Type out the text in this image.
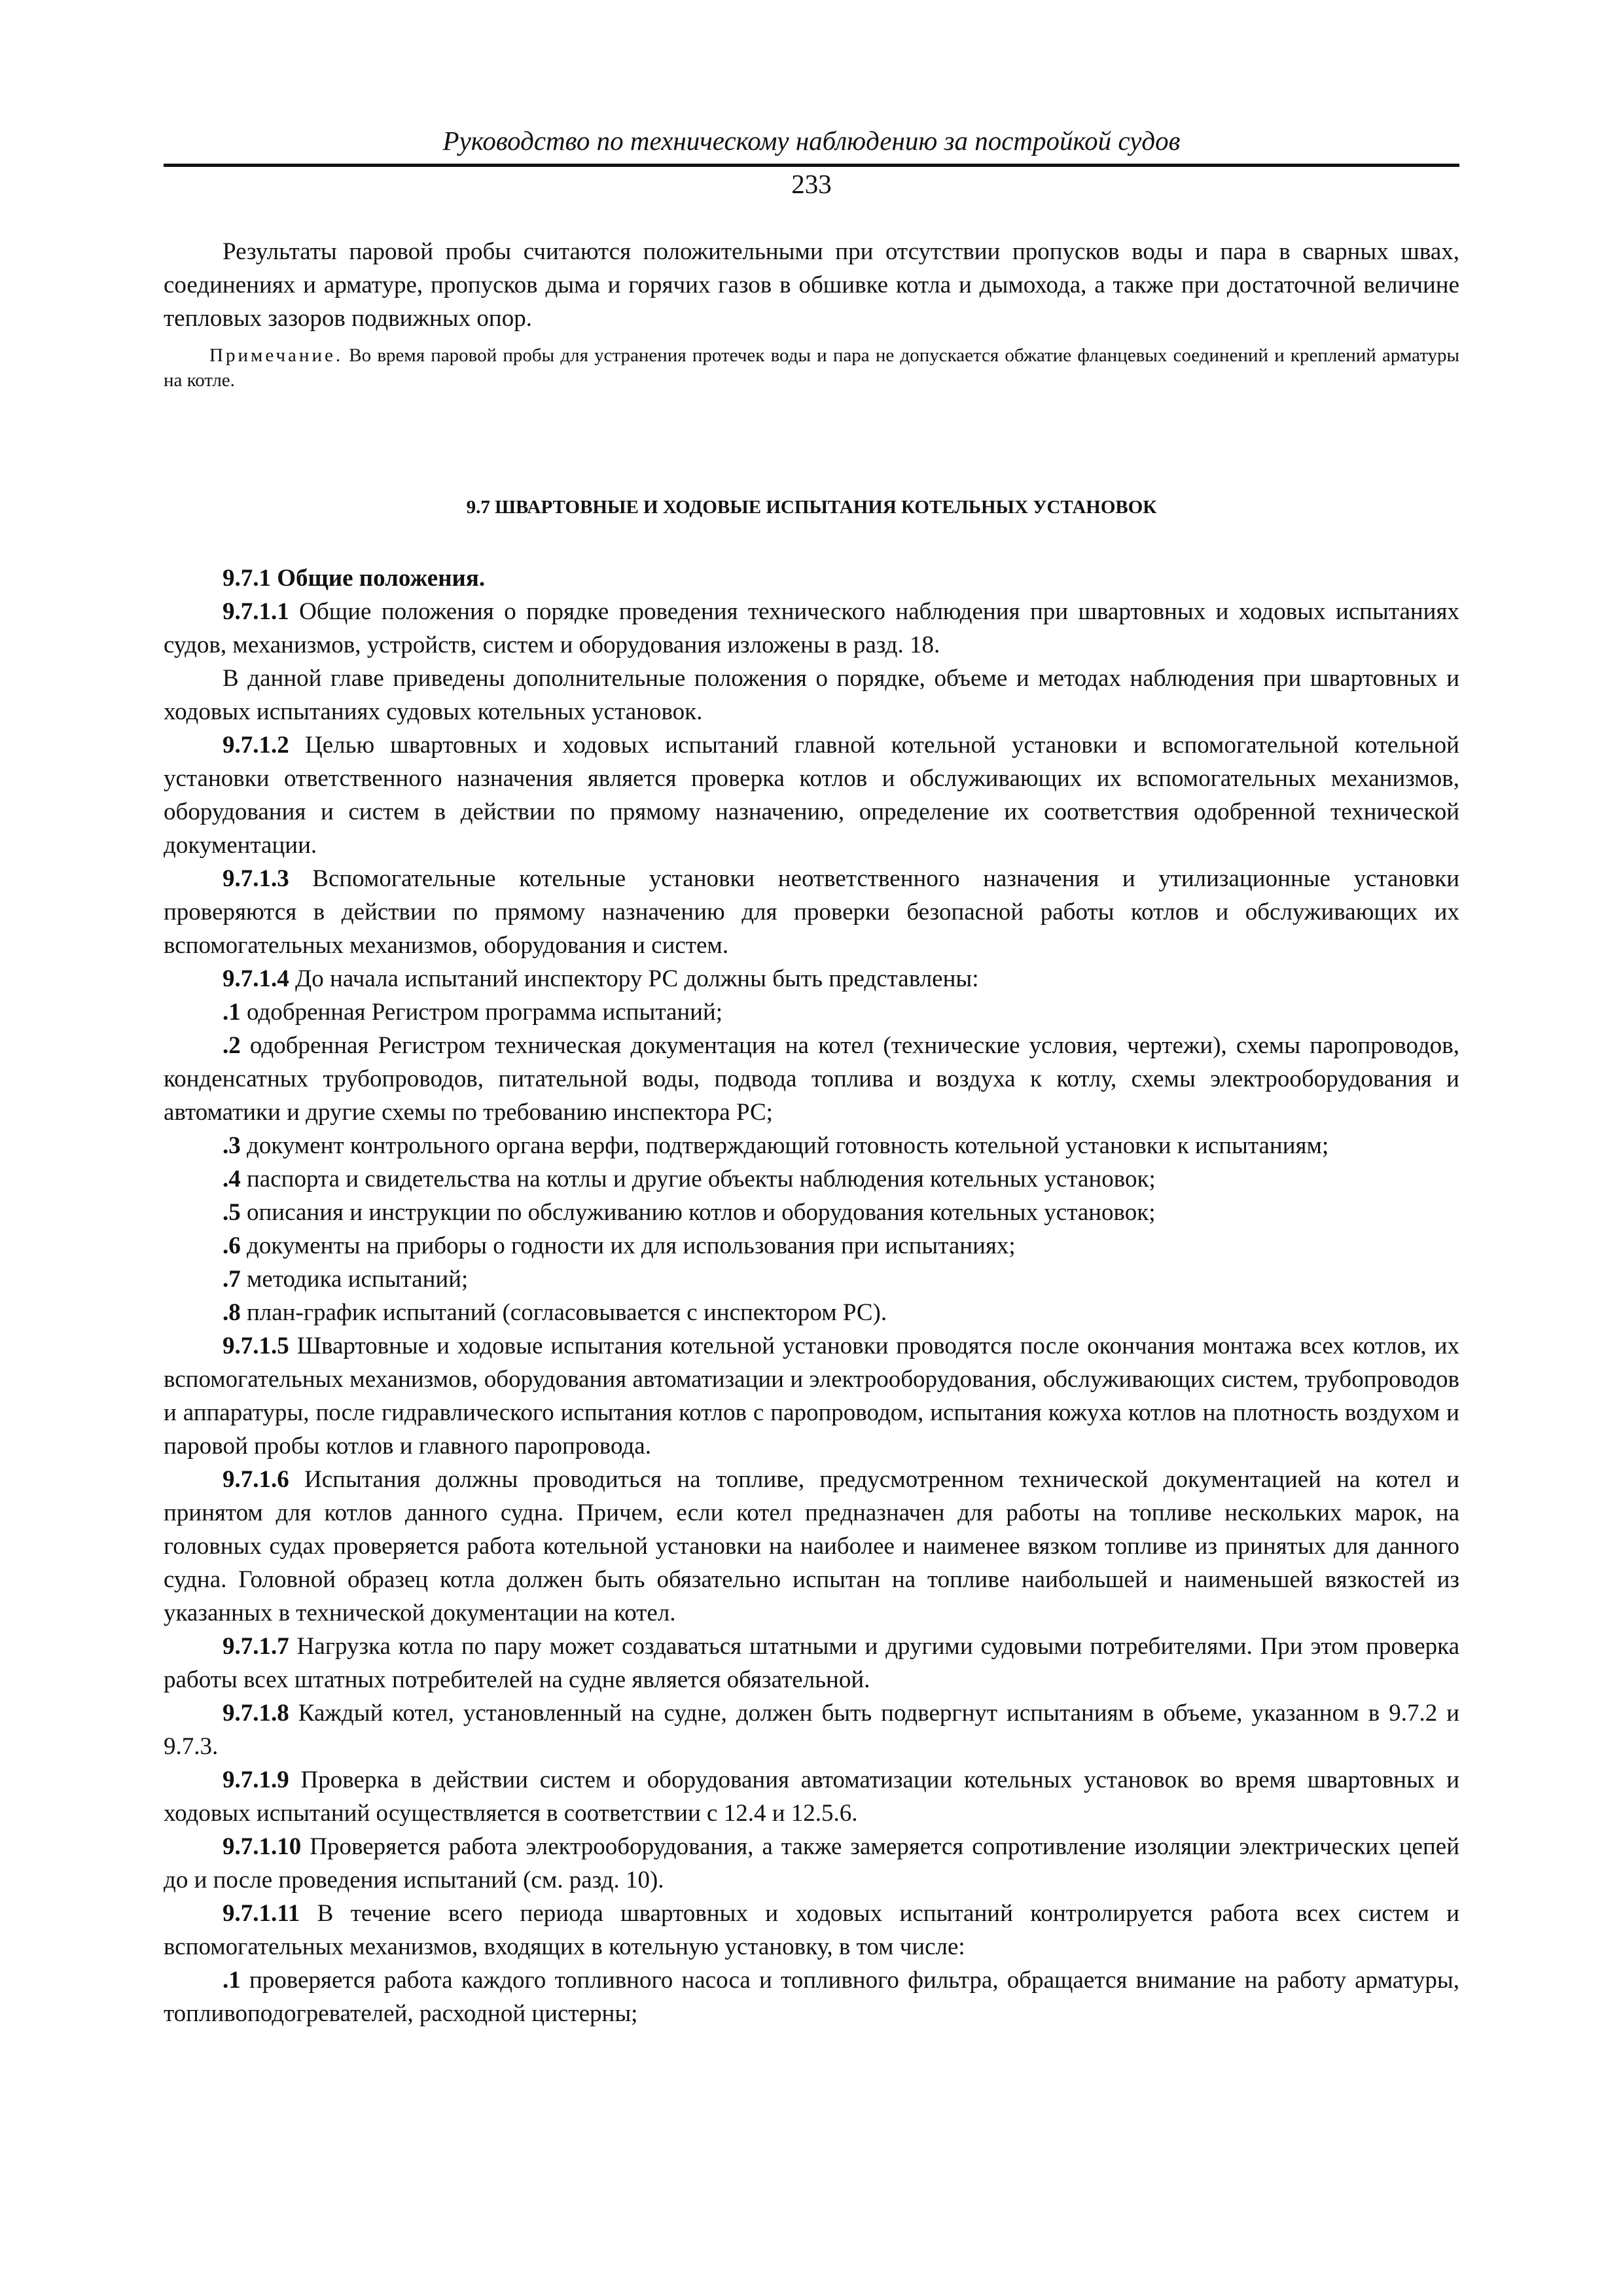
Руководство по техническому наблюдению за постройкой судов
233

Результаты паровой пробы считаются положительными при отсутствии пропусков воды и пара в сварных швах, соединениях и арматуре, пропусков дыма и горячих газов в обшивке котла и дымохода, а также при достаточной величине тепловых зазоров подвижных опор.

Примечание. Во время паровой пробы для устранения протечек воды и пара не допускается обжатие фланцевых соединений и креплений арматуры на котле.

9.7 ШВАРТОВНЫЕ И ХОДОВЫЕ ИСПЫТАНИЯ КОТЕЛЬНЫХ УСТАНОВОК

9.7.1 Общие положения.

9.7.1.1 Общие положения о порядке проведения технического наблюдения при швартовных и ходовых испытаниях судов, механизмов, устройств, систем и оборудования изложены в разд. 18.

В данной главе приведены дополнительные положения о порядке, объеме и методах наблюдения при швартовных и ходовых испытаниях судовых котельных установок.

9.7.1.2 Целью швартовных и ходовых испытаний главной котельной установки и вспомогательной котельной установки ответственного назначения является проверка котлов и обслуживающих их вспомогательных механизмов, оборудования и систем в действии по прямому назначению, определение их соответствия одобренной технической документации.

9.7.1.3 Вспомогательные котельные установки неответственного назначения и утилизационные установки проверяются в действии по прямому назначению для проверки безопасной работы котлов и обслуживающих их вспомогательных механизмов, оборудования и систем.

9.7.1.4 До начала испытаний инспектору РС должны быть представлены:

.1 одобренная Регистром программа испытаний;

.2 одобренная Регистром техническая документация на котел (технические условия, чертежи), схемы паропроводов, конденсатных трубопроводов, питательной воды, подвода топлива и воздуха к котлу, схемы электрооборудования и автоматики и другие схемы по требованию инспектора РС;

.3 документ контрольного органа верфи, подтверждающий готовность котельной установки к испытаниям;

.4 паспорта и свидетельства на котлы и другие объекты наблюдения котельных установок;

.5 описания и инструкции по обслуживанию котлов и оборудования котельных установок;

.6 документы на приборы о годности их для использования при испытаниях;

.7 методика испытаний;

.8 план-график испытаний (согласовывается с инспектором РС).

9.7.1.5 Швартовные и ходовые испытания котельной установки проводятся после окончания монтажа всех котлов, их вспомогательных механизмов, оборудования автоматизации и электрооборудования, обслуживающих систем, трубопроводов и аппаратуры, после гидравлического испытания котлов с паропроводом, испытания кожуха котлов на плотность воздухом и паровой пробы котлов и главного паропровода.

9.7.1.6 Испытания должны проводиться на топливе, предусмотренном технической документацией на котел и принятом для котлов данного судна. Причем, если котел предназначен для работы на топливе нескольких марок, на головных судах проверяется работа котельной установки на наиболее и наименее вязком топливе из принятых для данного судна. Головной образец котла должен быть обязательно испытан на топливе наибольшей и наименьшей вязкостей из указанных в технической документации на котел.

9.7.1.7 Нагрузка котла по пару может создаваться штатными и другими судовыми потребителями. При этом проверка работы всех штатных потребителей на судне является обязательной.

9.7.1.8 Каждый котел, установленный на судне, должен быть подвергнут испытаниям в объеме, указанном в 9.7.2 и 9.7.3.

9.7.1.9 Проверка в действии систем и оборудования автоматизации котельных установок во время швартовных и ходовых испытаний осуществляется в соответствии с 12.4 и 12.5.6.

9.7.1.10 Проверяется работа электрооборудования, а также замеряется сопротивление изоляции электрических цепей до и после проведения испытаний (см. разд. 10).

9.7.1.11 В течение всего периода швартовных и ходовых испытаний контролируется работа всех систем и вспомогательных механизмов, входящих в котельную установку, в том числе:

.1 проверяется работа каждого топливного насоса и топливного фильтра, обращается внимание на работу арматуры, топливоподогревателей, расходной цистерны;
